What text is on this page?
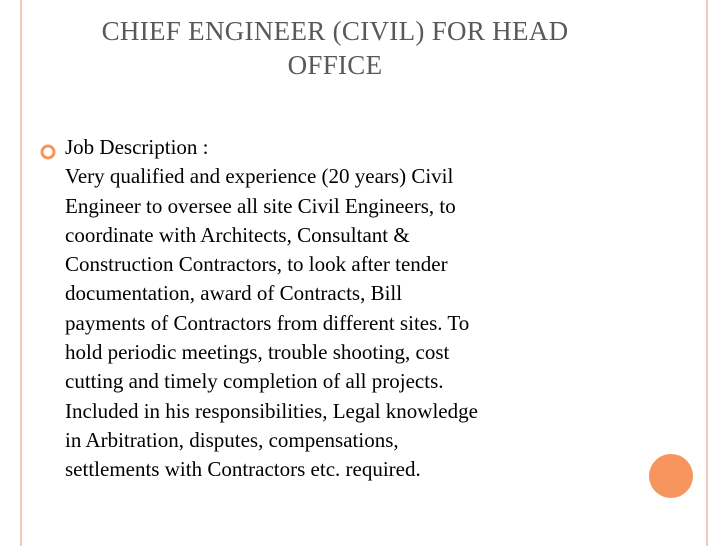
CHIEF ENGINEER (CIVIL) FOR HEAD
OFFICE
Job Description :
Very qualified and experience (20 years) Civil
Engineer to oversee all site Civil Engineers, to
coordinate with Architects, Consultant &
Construction Contractors, to look after tender
documentation, award of Contracts, Bill
payments of Contractors from different sites. To
hold periodic meetings, trouble shooting, cost
cutting and timely completion of all projects.
Included in his responsibilities, Legal knowledge
in Arbitration, disputes, compensations,
settlements with Contractors etc. required.
